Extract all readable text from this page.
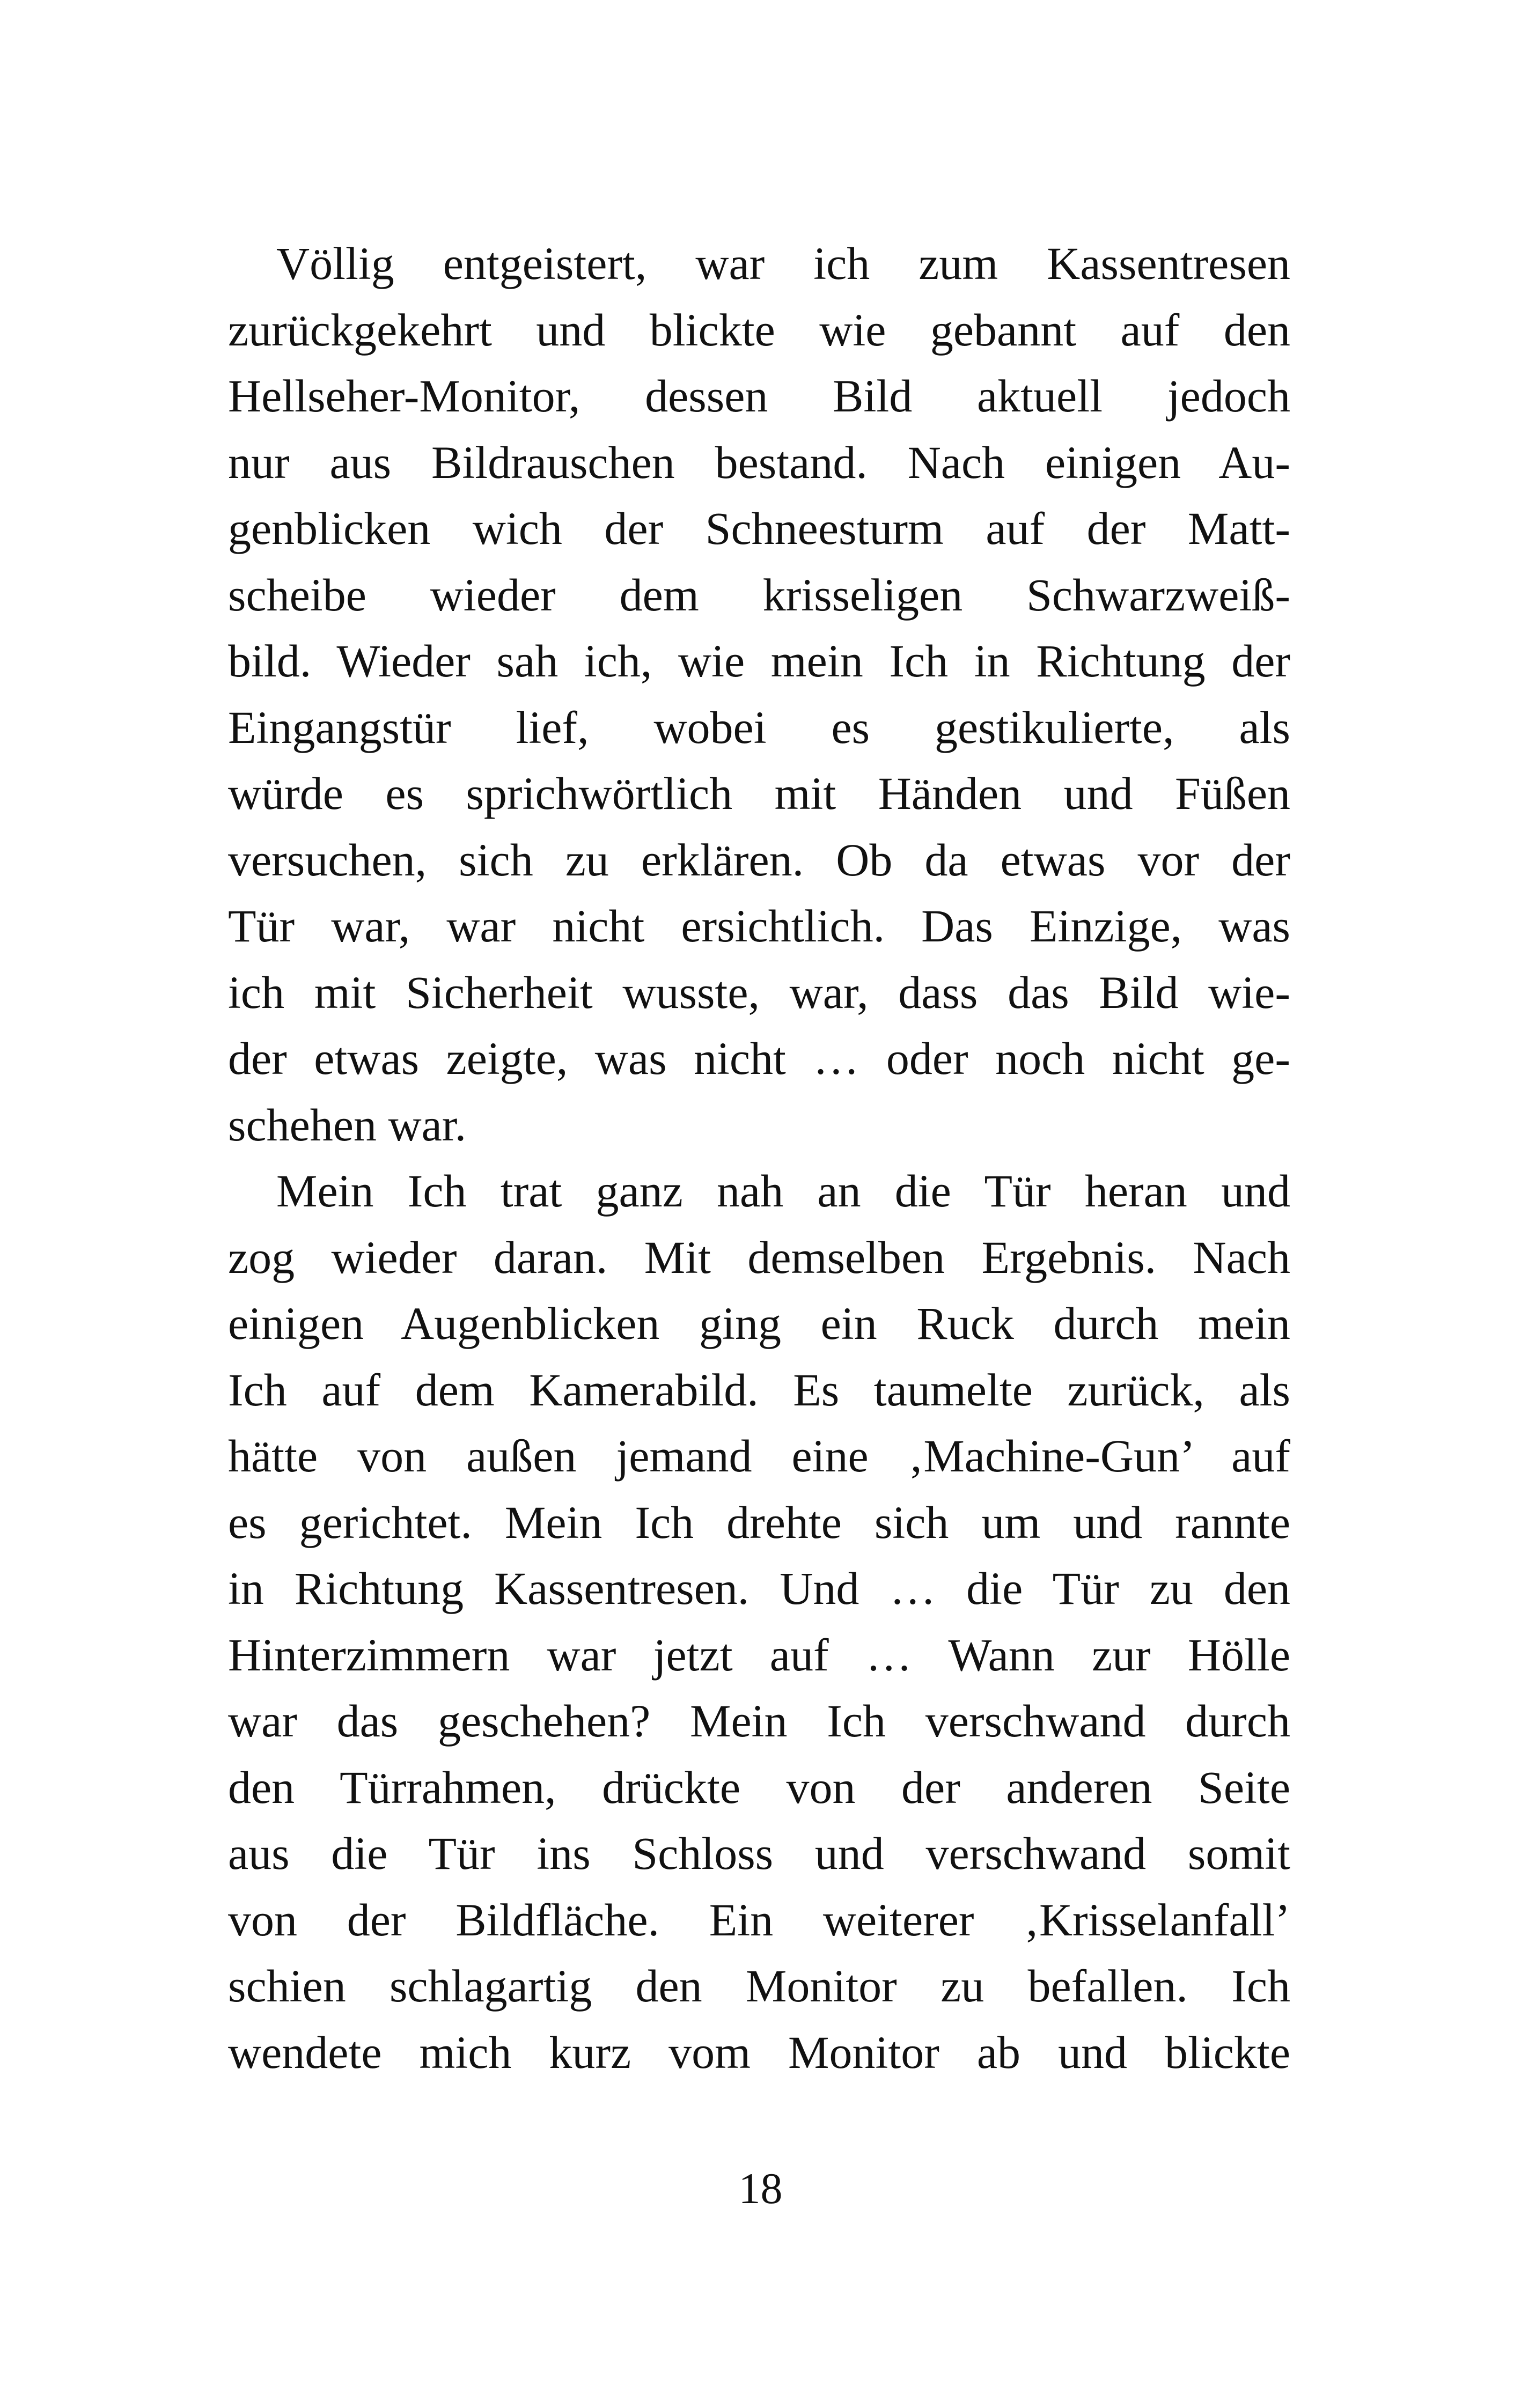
Völlig entgeistert, war ich zum Kassentresen
zurückgekehrt und blickte wie gebannt auf den
Hellseher-Monitor, dessen Bild aktuell jedoch
nur aus Bildrauschen bestand. Nach einigen Au-
genblicken wich der Schneesturm auf der Matt-
scheibe wieder dem krisseligen Schwarzweiß-
bild. Wieder sah ich, wie mein Ich in Richtung der
Eingangstür lief, wobei es gestikulierte, als
würde es sprichwörtlich mit Händen und Füßen
versuchen, sich zu erklären. Ob da etwas vor der
Tür war, war nicht ersichtlich. Das Einzige, was
ich mit Sicherheit wusste, war, dass das Bild wie-
der etwas zeigte, was nicht … oder noch nicht ge-
schehen war.
Mein Ich trat ganz nah an die Tür heran und
zog wieder daran. Mit demselben Ergebnis. Nach
einigen Augenblicken ging ein Ruck durch mein
Ich auf dem Kamerabild. Es taumelte zurück, als
hätte von außen jemand eine ‚Machine-Gun’ auf
es gerichtet. Mein Ich drehte sich um und rannte
in Richtung Kassentresen. Und … die Tür zu den
Hinterzimmern war jetzt auf … Wann zur Hölle
war das geschehen? Mein Ich verschwand durch
den Türrahmen, drückte von der anderen Seite
aus die Tür ins Schloss und verschwand somit
von der Bildfläche. Ein weiterer ‚Krisselanfall’
schien schlagartig den Monitor zu befallen. Ich
wendete mich kurz vom Monitor ab und blickte
18
